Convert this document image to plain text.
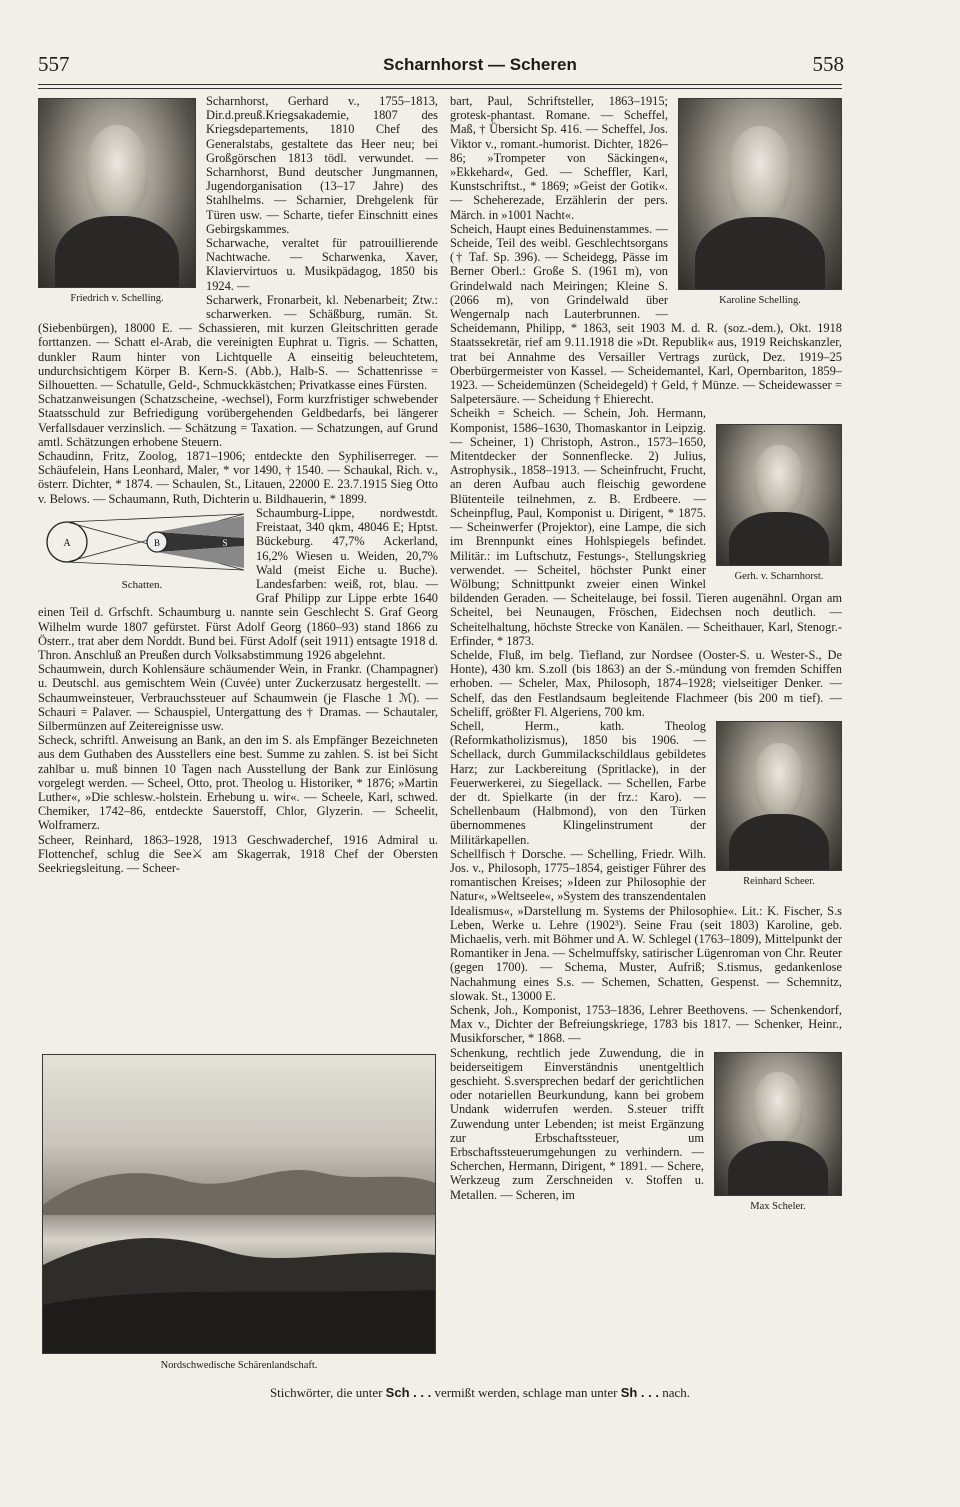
557	Scharnhorst — Scheren	558
Friedrich v. Schelling.

Scharnhorst, Gerhard v., 1755–1813, Dir.d.preuß.Kriegsakademie, 1807 des Kriegsdepartements, 1810 Chef des Generalstabs, gestaltete das Heer neu; bei Großgörschen 1813 tödl. verwundet. — Scharnhorst, Bund deutscher Jungmannen, Jugendorganisation (13–17 Jahre) des Stahlhelms. — Scharnier, Drehgelenk für Türen usw. — Scharte, tiefer Einschnitt eines Gebirgskammes.

Scharwache, veraltet für patrouillierende Nachtwache. — Scharwenka, Xaver, Klaviervirtuos u. Musikpädagog, 1850 bis 1924. —

Scharwerk, Fronarbeit, kl. Nebenarbeit; Ztw.: scharwerken. — Schäßburg, rumän. St. (Siebenbürgen), 18000 E. — Schassieren, mit kurzen Gleitschritten gerade forttanzen. — Schatt el-Arab, die vereinigten Euphrat u. Tigris. — Schatten, dunkler Raum hinter von Lichtquelle A einseitig beleuchtetem, undurchsichtigem Körper B. Kern-S. (Abb.), Halb-S. — Schattenrisse = Silhouetten. — Schatulle, Geld-, Schmuckkästchen; Privatkasse eines Fürsten.

Schatzanweisungen (Schatzscheine, -wechsel), Form kurzfristiger schwebender Staatsschuld zur Befriedigung vorübergehenden Geldbedarfs, bei längerer Verfallsdauer verzinslich. — Schätzung = Taxation. — Schatzungen, auf Grund amtl. Schätzungen erhobene Steuern.

Schaudinn, Fritz, Zoolog, 1871–1906; entdeckte den Syphiliserreger. — Schäufelein, Hans Leonhard, Maler, * vor 1490, † 1540. — Schaukal, Rich. v., österr. Dichter, * 1874. — Schaulen, St., Litauen, 22000 E. 23.7.1915 Sieg Otto v. Belows. — Schaumann, Ruth, Dichterin u. Bildhauerin, * 1899.

A	B	S
Schatten.

Schaumburg-Lippe, nordwestdt. Freistaat, 340 qkm, 48046 E; Hptst. Bückeburg. 47,7% Ackerland, 16,2% Wiesen u. Weiden, 20,7% Wald (meist Eiche u. Buche). Landesfarben: weiß, rot, blau. — Graf Philipp zur Lippe erbte 1640 einen Teil d. Grfschft. Schaumburg u. nannte sein Geschlecht S. Graf Georg Wilhelm wurde 1807 gefürstet. Fürst Adolf Georg (1860–93) stand 1866 zu Österr., trat aber dem Norddt. Bund bei. Fürst Adolf (seit 1911) entsagte 1918 d. Thron. Anschluß an Preußen durch Volksabstimmung 1926 abgelehnt.

Schaumwein, durch Kohlensäure schäumender Wein, in Frankr. (Champagner) u. Deutschl. aus gemischtem Wein (Cuvée) unter Zuckerzusatz hergestellt. — Schaumweinsteuer, Verbrauchssteuer auf Schaumwein (je Flasche 1 ℳ). — Schauri = Palaver. — Schauspiel, Untergattung des † Dramas. — Schautaler, Silbermünzen auf Zeitereignisse usw.

Scheck, schriftl. Anweisung an Bank, an den im S. als Empfänger Bezeichneten aus dem Guthaben des Ausstellers eine best. Summe zu zahlen. S. ist bei Sicht zahlbar u. muß binnen 10 Tagen nach Ausstellung der Bank zur Einlösung vorgelegt werden. — Scheel, Otto, prot. Theolog u. Historiker, * 1876; »Martin Luther«, »Die schlesw.-holstein. Erhebung u. wir«. — Scheele, Karl, schwed. Chemiker, 1742–86, entdeckte Sauerstoff, Chlor, Glyzerin. — Scheelit, Wolframerz.

Scheer, Reinhard, 1863–1928, 1913 Geschwaderchef, 1916 Admiral u. Flottenchef, schlug die See⚔ am Skagerrak, 1918 Chef der Obersten Seekriegsleitung. — Scheer-

Nordschwedische Schärenlandschaft.
Karoline Schelling.

bart, Paul, Schriftsteller, 1863–1915; grotesk-phantast. Romane. — Scheffel, Maß, † Übersicht Sp. 416. — Scheffel, Jos. Viktor v., romant.-humorist. Dichter, 1826–86; »Trompeter von Säckingen«, »Ekkehard«, Ged. — Scheffler, Karl, Kunstschriftst., * 1869; »Geist der Gotik«. — Scheherezade, Erzählerin der pers. Märch. in »1001 Nacht«.

Scheich, Haupt eines Beduinenstammes. — Scheide, Teil des weibl. Geschlechtsorgans († Taf. Sp. 396). — Scheidegg, Pässe im Berner Oberl.: Große S. (1961 m), von Grindelwald nach Meiringen; Kleine S. (2066 m), von Grindelwald über Wengernalp nach Lauterbrunnen. — Scheidemann, Philipp, * 1863, seit 1903 M. d. R. (soz.-dem.), Okt. 1918 Staatssekretär, rief am 9.11.1918 die »Dt. Republik« aus, 1919 Reichskanzler, trat bei Annahme des Versailler Vertrags zurück, Dez. 1919–25 Oberbürgermeister von Kassel. — Scheidemantel, Karl, Opernbariton, 1859–1923. — Scheidemünzen (Scheidegeld) † Geld, † Münze. — Scheidewasser = Salpetersäure. — Scheidung † Ehierecht.

Gerh. v. Scharnhorst.

Scheikh = Scheich. — Schein, Joh. Hermann, Komponist, 1586–1630, Thomaskantor in Leipzig. — Scheiner, 1) Christoph, Astron., 1573–1650, Mitentdecker der Sonnenflecke. 2) Julius, Astrophysik., 1858–1913. — Scheinfrucht, Frucht, an deren Aufbau auch fleischig gewordene Blütenteile teilnehmen, z. B. Erdbeere. — Scheinpflug, Paul, Komponist u. Dirigent, * 1875. — Scheinwerfer (Projektor), eine Lampe, die sich im Brennpunkt eines Hohlspiegels befindet. Militär.: im Luftschutz, Festungs-, Stellungskrieg verwendet. — Scheitel, höchster Punkt einer Wölbung; Schnittpunkt zweier einen Winkel bildenden Geraden. — Scheitelauge, bei fossil. Tieren augenähnl. Organ am Scheitel, bei Neunaugen, Fröschen, Eidechsen noch deutlich. — Scheitelhaltung, höchste Strecke von Kanälen. — Scheithauer, Karl, Stenogr.-Erfinder, * 1873.

Schelde, Fluß, im belg. Tiefland, zur Nordsee (Ooster-S. u. Wester-S., De Honte), 430 km. S.zoll (bis 1863) an der S.-mündung von fremden Schiffen erhoben. — Scheler, Max, Philosoph, 1874–1928; vielseitiger Denker. — Schelf, das den Festlandsaum begleitende Flachmeer (bis 200 m tief). — Scheliff, größter Fl. Algeriens, 700 km.

Reinhard Scheer.

Schell, Herm., kath. Theolog (Reformkatholizismus), 1850 bis 1906. — Schellack, durch Gummilackschildlaus gebildetes Harz; zur Lackbereitung (Spritlacke), in der Feuerwerkerei, zu Siegellack. — Schellen, Farbe der dt. Spielkarte (in der frz.: Karo). — Schellenbaum (Halbmond), von den Türken übernommenes Klingelinstrument der Militärkapellen.

Schellfisch † Dorsche. — Schelling, Friedr. Wilh. Jos. v., Philosoph, 1775–1854, geistiger Führer des romantischen Kreises; »Ideen zur Philosophie der Natur«, »Weltseele«, »System des transzendentalen Idealismus«, »Darstellung m. Systems der Philosophie«. Lit.: K. Fischer, S.s Leben, Werke u. Lehre (1902³). Seine Frau (seit 1803) Karoline, geb. Michaelis, verh. mit Böhmer und A. W. Schlegel (1763–1809), Mittelpunkt der Romantiker in Jena. — Schelmuffsky, satirischer Lügenroman von Chr. Reuter (gegen 1700). — Schema, Muster, Aufriß; S.tismus, gedankenlose Nachahmung eines S.s. — Schemen, Schatten, Gespenst. — Schemnitz, slowak. St., 13000 E.

Schenk, Joh., Komponist, 1753–1836, Lehrer Beethovens. — Schenkendorf, Max v., Dichter der Befreiungskriege, 1783 bis 1817. — Schenker, Heinr., Musikforscher, * 1868. —

Max Scheler.

Schenkung, rechtlich jede Zuwendung, die in beiderseitigem Einverständnis unentgeltlich geschieht. S.sversprechen bedarf der gerichtlichen oder notariellen Beurkundung, kann bei grobem Undank widerrufen werden. S.steuer trifft Zuwendung unter Lebenden; ist meist Ergänzung zur Erbschaftssteuer, um Erbschaftssteuerumgehungen zu verhindern. — Scherchen, Hermann, Dirigent, * 1891. — Schere, Werkzeug zum Zerschneiden v. Stoffen u. Metallen. — Scheren, im

Stichwörter, die unter Sch . . . vermißt werden, schlage man unter Sh . . . nach.
